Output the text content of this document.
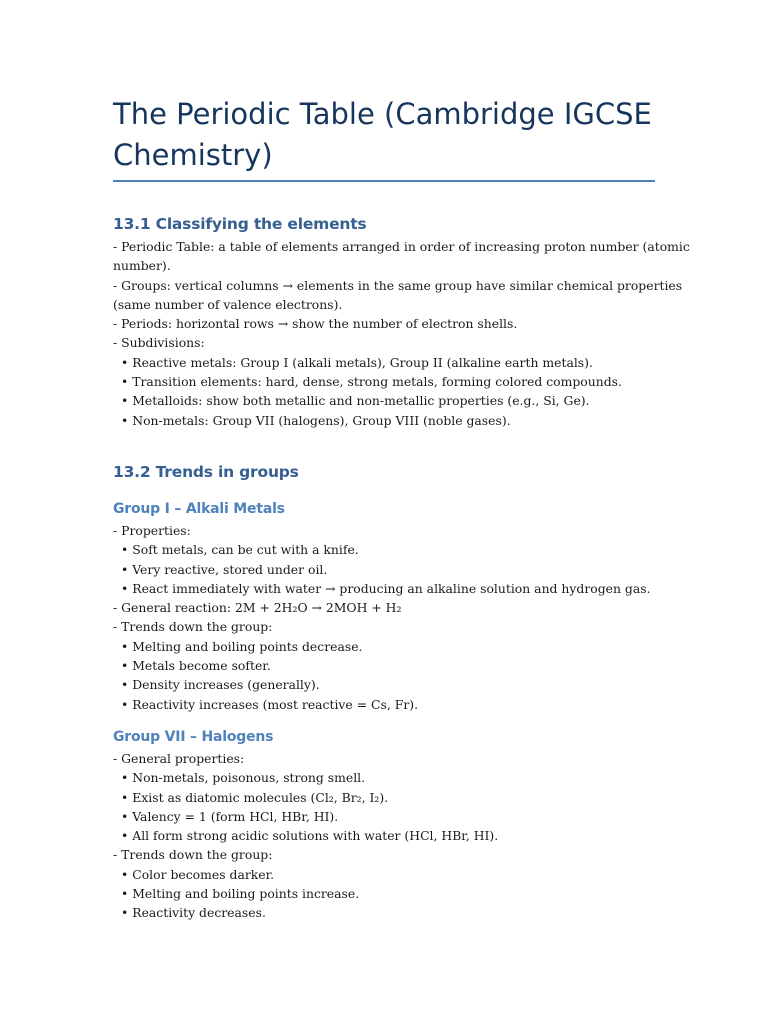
The Periodic Table (Cambridge IGCSE Chemistry)
13.1 Classifying the elements
- Periodic Table: a table of elements arranged in order of increasing proton number (atomic
number).
- Groups: vertical columns → elements in the same group have similar chemical properties
(same number of valence electrons).
- Periods: horizontal rows → show the number of electron shells.
- Subdivisions:
• Reactive metals: Group I (alkali metals), Group II (alkaline earth metals).
• Transition elements: hard, dense, strong metals, forming colored compounds.
• Metalloids: show both metallic and non-metallic properties (e.g., Si, Ge).
• Non-metals: Group VII (halogens), Group VIII (noble gases).
13.2 Trends in groups
Group I – Alkali Metals
- Properties:
• Soft metals, can be cut with a knife.
• Very reactive, stored under oil.
• React immediately with water → producing an alkaline solution and hydrogen gas.
- General reaction: 2M + 2H₂O → 2MOH + H₂
- Trends down the group:
• Melting and boiling points decrease.
• Metals become softer.
• Density increases (generally).
• Reactivity increases (most reactive = Cs, Fr).
Group VII – Halogens
- General properties:
• Non-metals, poisonous, strong smell.
• Exist as diatomic molecules (Cl₂, Br₂, I₂).
• Valency = 1 (form HCl, HBr, HI).
• All form strong acidic solutions with water (HCl, HBr, HI).
- Trends down the group:
• Color becomes darker.
• Melting and boiling points increase.
• Reactivity decreases.
